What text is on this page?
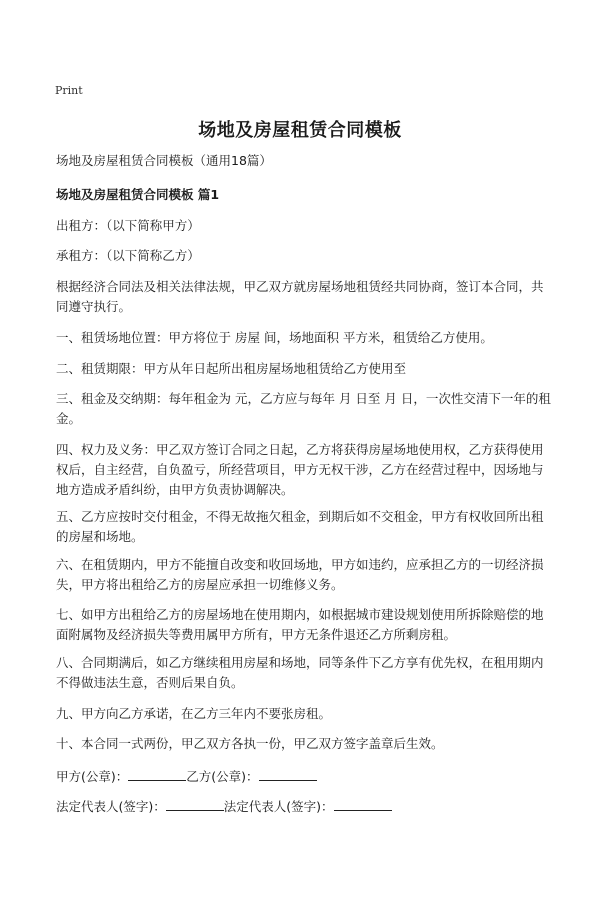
Print
场地及房屋租赁合同模板

场地及房屋租赁合同模板（通用18篇）

场地及房屋租赁合同模板 篇1

出租方：（以下简称甲方）

承租方：（以下简称乙方）

根据经济合同法及相关法律法规，甲乙双方就房屋场地租赁经共同协商，签订本合同，共同遵守执行。

一、租赁场地位置：甲方将位于 房屋 间，场地面积 平方米，租赁给乙方使用。

二、租赁期限：甲方从年日起所出租房屋场地租赁给乙方使用至

三、租金及交纳期：每年租金为 元，乙方应与每年 月 日至 月 日，一次性交清下一年的租金。

四、权力及义务：甲乙双方签订合同之日起，乙方将获得房屋场地使用权，乙方获得使用权后，自主经营，自负盈亏，所经营项目，甲方无权干涉，乙方在经营过程中，因场地与地方造成矛盾纠纷，由甲方负责协调解决。

五、乙方应按时交付租金，不得无故拖欠租金，到期后如不交租金，甲方有权收回所出租的房屋和场地。

六、在租赁期内，甲方不能擅自改变和收回场地，甲方如违约，应承担乙方的一切经济损失，甲方将出租给乙方的房屋应承担一切维修义务。

七、如甲方出租给乙方的房屋场地在使用期内，如根据城市建设规划使用所拆除赔偿的地面附属物及经济损失等费用属甲方所有，甲方无条件退还乙方所剩房租。

八、合同期满后，如乙方继续租用房屋和场地，同等条件下乙方享有优先权，在租用期内不得做违法生意，否则后果自负。

九、甲方向乙方承诺，在乙方三年内不要张房租。

十、本合同一式两份，甲乙双方各执一份，甲乙双方签字盖章后生效。

甲方(公章)：	乙方(公章)：
法定代表人(签字)：	法定代表人(签字)：
